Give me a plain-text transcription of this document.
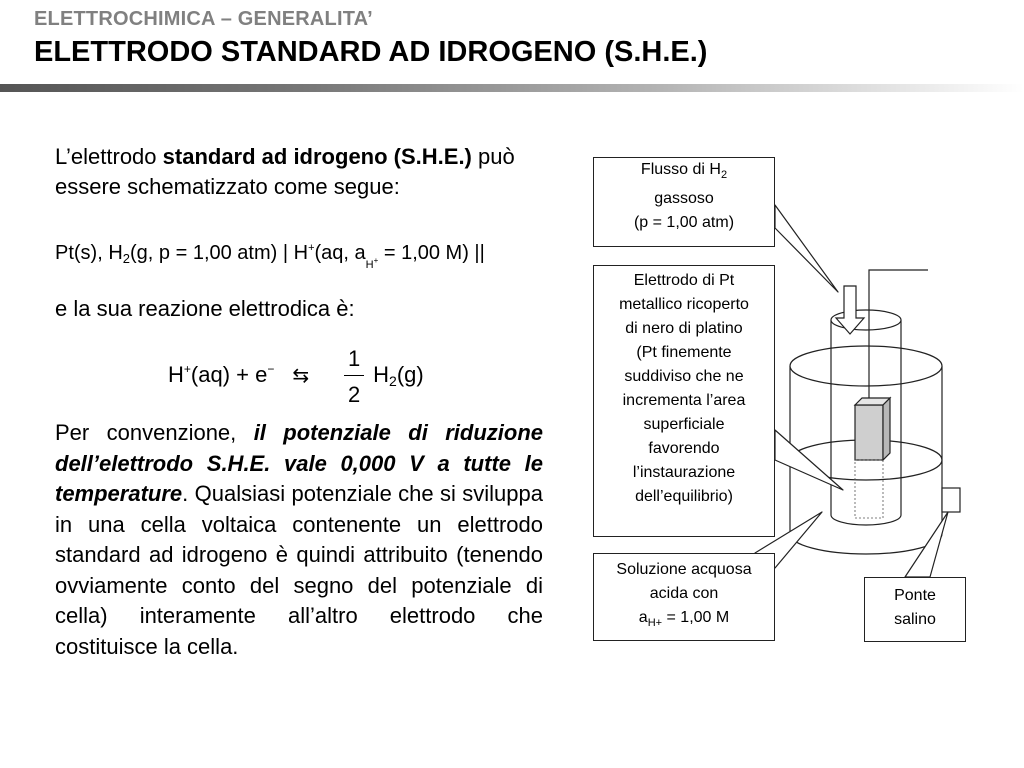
ELETTROCHIMICA – GENERALITA’
ELETTRODO STANDARD AD IDROGENO (S.H.E.)
L’elettrodo standard ad idrogeno (S.H.E.) può essere schematizzato come segue:
Pt(s), $H_2(g$, p = 1,00 atm) | H+(aq, $a_{H+} = 1,00$ M) ||
e la sua reazione elettrodica è:
H+(aq) + e− ⇆	$H_2(g)$
1
2
Per convenzione, il potenziale di riduzione dell’elettrodo S.H.E. vale 0,000 V a tutte le temperature. Qualsiasi potenziale che si sviluppa in una cella voltaica contenente un elettrodo standard ad idrogeno è quindi attribuito (tenendo ovviamente conto del segno del potenziale di cella) interamente all’altro elettrodo che costituisce la cella.
Flusso di $H_2$
gassoso
(p = 1,00 atm)
Elettrodo di Pt
metallico ricoperto
di nero di platino
(Pt finemente
suddiviso che ne
incrementa l’area
superficiale
favorendo
l’instaurazione
dell’equilibrio)
Soluzione acquosa
acida con
$a_{H+} = 1,00$ M
Ponte
salino
